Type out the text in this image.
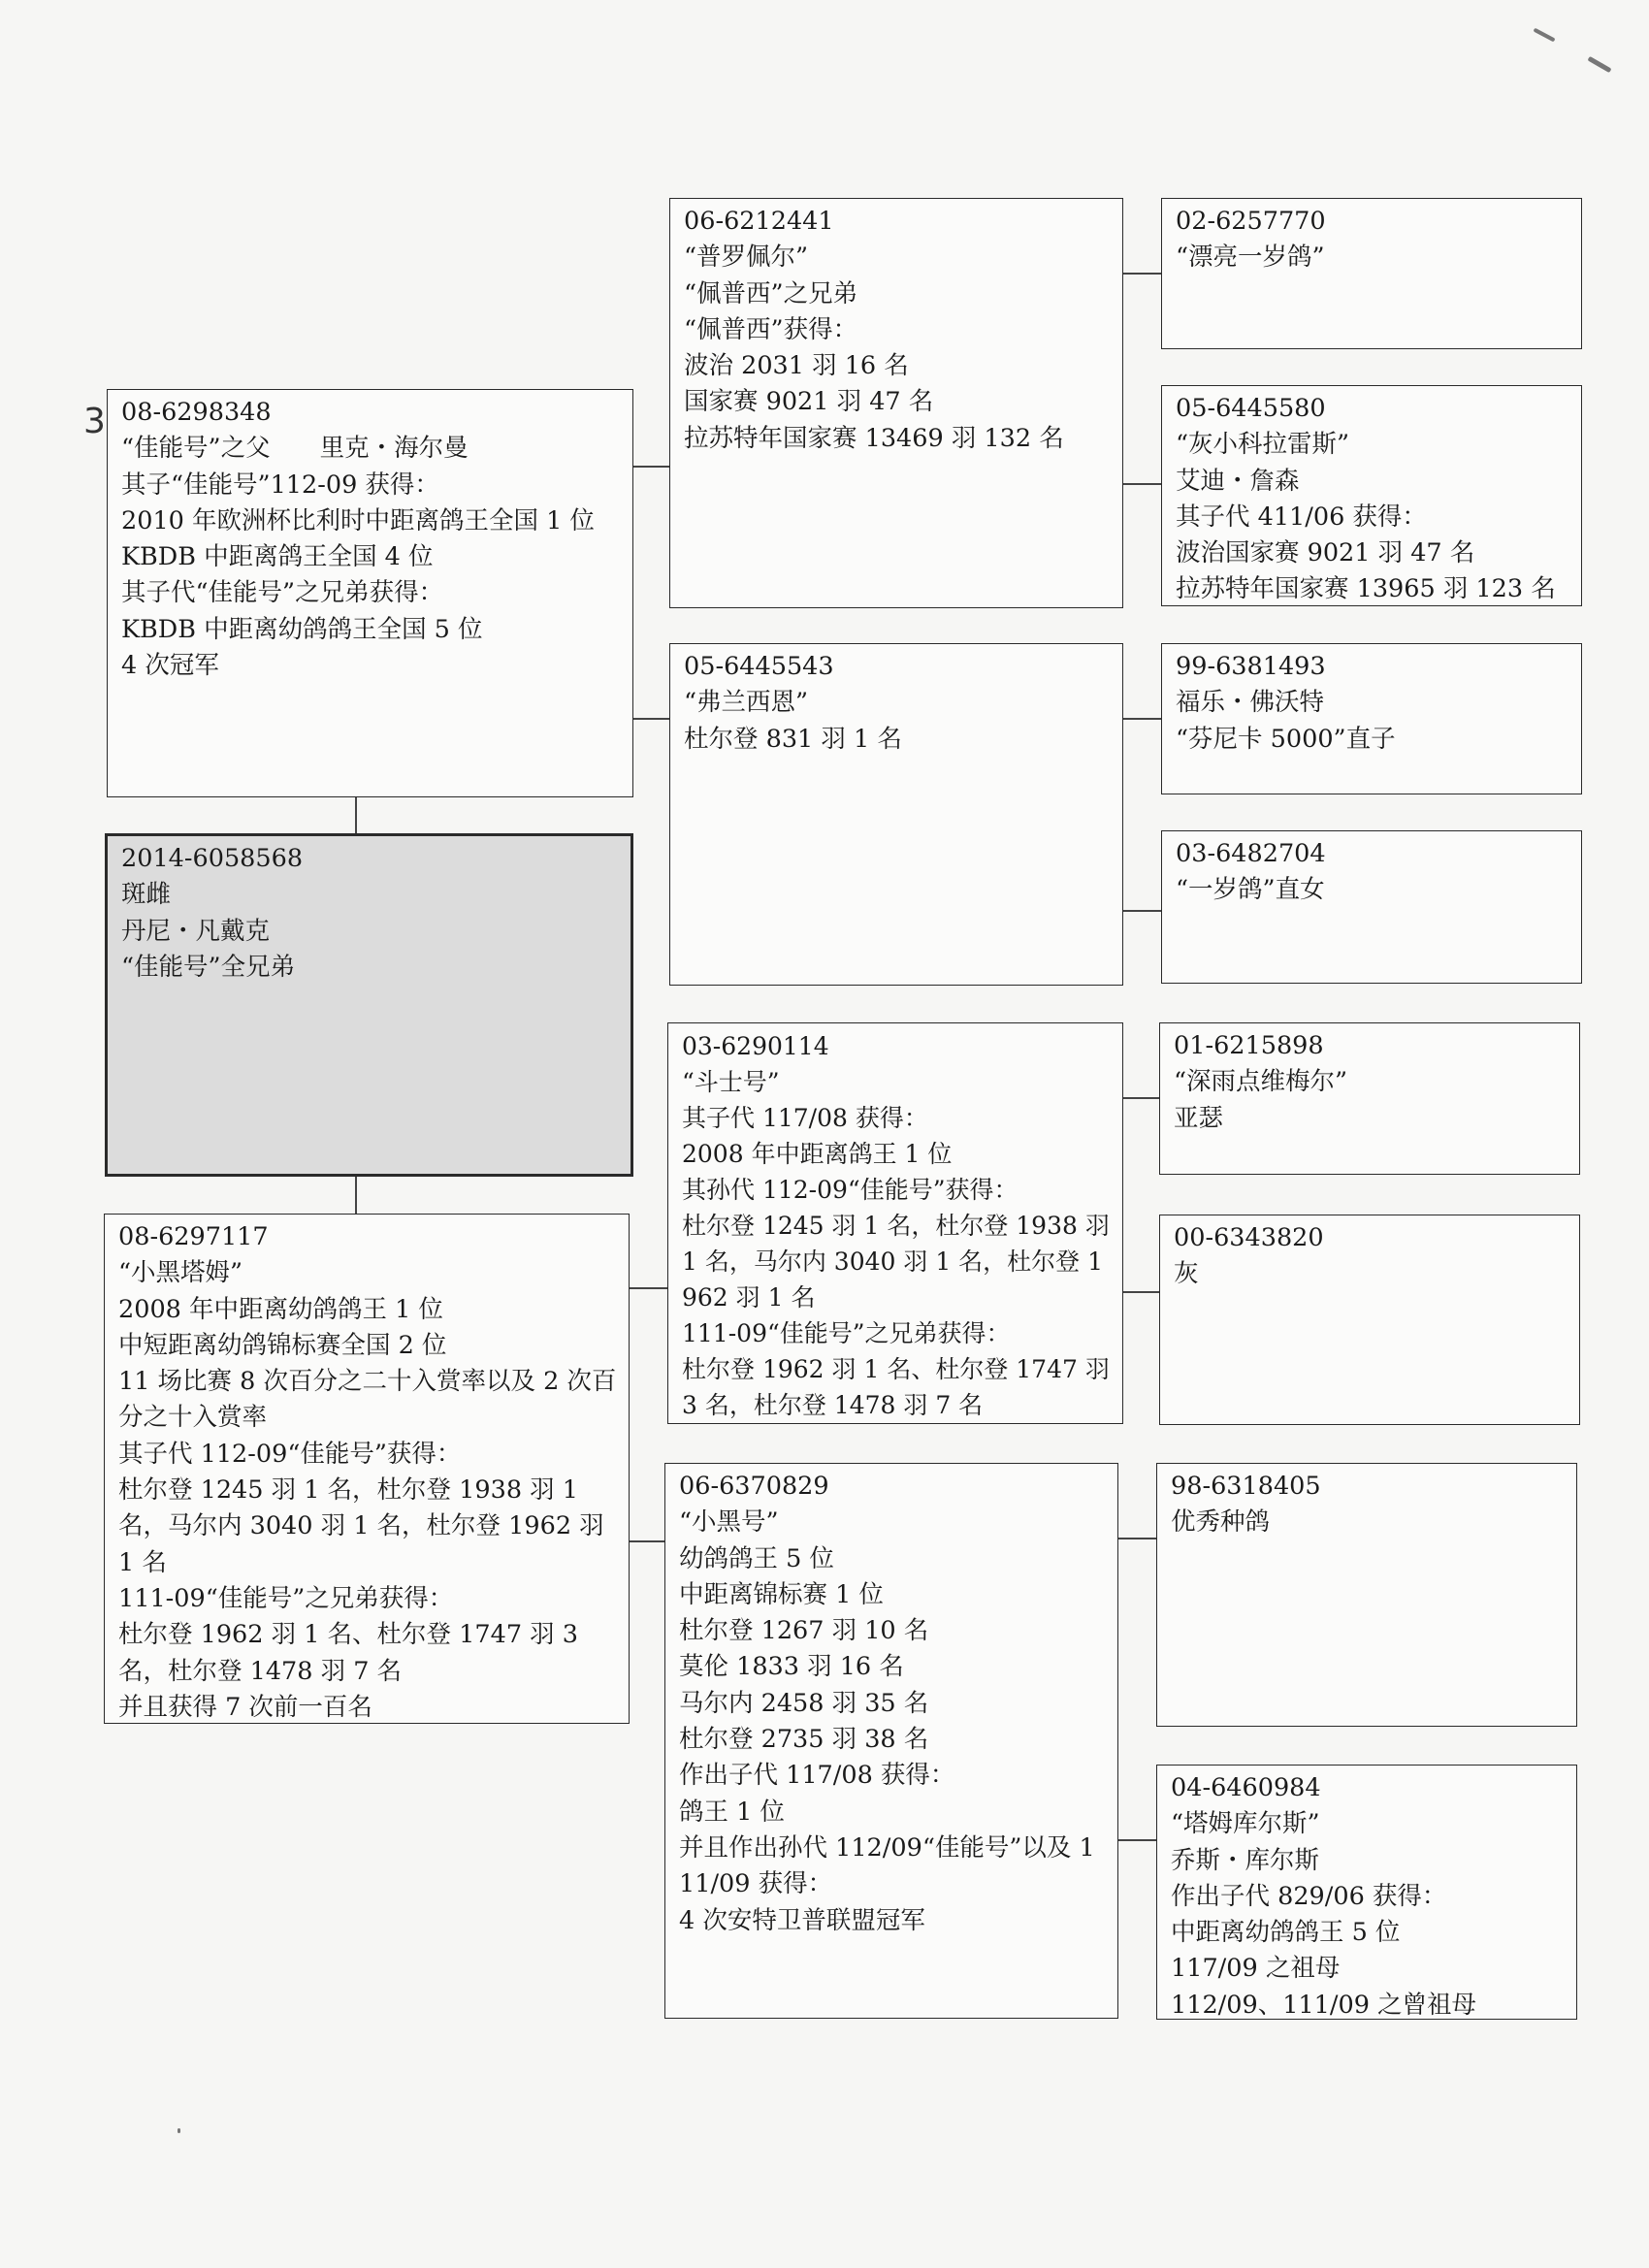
3 08-6298348
“佳能号”之父　　里克・海尔曼
其子“佳能号”112-09 获得：
2010 年欧洲杯比利时中距离鸽王全国 1 位
KBDB 中距离鸽王全国 4 位
其子代“佳能号”之兄弟获得：
KBDB 中距离幼鸽鸽王全国 5 位
4 次冠军
2014-6058568
斑雌
丹尼・凡戴克
“佳能号”全兄弟
08-6297117
“小黑塔姆”
2008 年中距离幼鸽鸽王 1 位
中短距离幼鸽锦标赛全国 2 位
11 场比赛 8 次百分之二十入赏率以及 2 次百分之十入赏率
其子代 112-09“佳能号”获得：
杜尔登 1245 羽 1 名，杜尔登 1938 羽 1 名，马尔内 3040 羽 1 名，杜尔登 1962 羽 1 名
111-09“佳能号”之兄弟获得：
杜尔登 1962 羽 1 名、杜尔登 1747 羽 3 名，杜尔登 1478 羽 7 名
并且获得 7 次前一百名
06-6212441
“普罗佩尔”
“佩普西”之兄弟
“佩普西”获得：
波治 2031 羽 16 名
国家赛 9021 羽 47 名
拉苏特年国家赛 13469 羽 132 名
05-6445543
“弗兰西恩”
杜尔登 831 羽 1 名
03-6290114
“斗士号”
其子代 117/08 获得：
2008 年中距离鸽王 1 位
其孙代 112-09“佳能号”获得：
杜尔登 1245 羽 1 名，杜尔登 1938 羽 1 名，马尔内 3040 羽 1 名，杜尔登 1962 羽 1 名
111-09“佳能号”之兄弟获得：
杜尔登 1962 羽 1 名、杜尔登 1747 羽 3 名，杜尔登 1478 羽 7 名
06-6370829
“小黑号”
幼鸽鸽王 5 位
中距离锦标赛 1 位
杜尔登 1267 羽 10 名
莫伦 1833 羽 16 名
马尔内 2458 羽 35 名
杜尔登 2735 羽 38 名
作出子代 117/08 获得：
鸽王 1 位
并且作出孙代 112/09“佳能号”以及 111/09 获得：
4 次安特卫普联盟冠军
02-6257770
“漂亮一岁鸽”
05-6445580
“灰小科拉雷斯”
艾迪・詹森
其子代 411/06 获得：
波治国家赛 9021 羽 47 名
拉苏特年国家赛 13965 羽 123 名
99-6381493
福乐・佛沃特
“芬尼卡 5000”直子
03-6482704
“一岁鸽”直女
01-6215898
“深雨点维梅尔”
亚瑟
00-6343820
灰
98-6318405
优秀种鸽
04-6460984
“塔姆库尔斯”
乔斯・库尔斯
作出子代 829/06 获得：
中距离幼鸽鸽王 5 位
117/09 之祖母
112/09、111/09 之曾祖母
